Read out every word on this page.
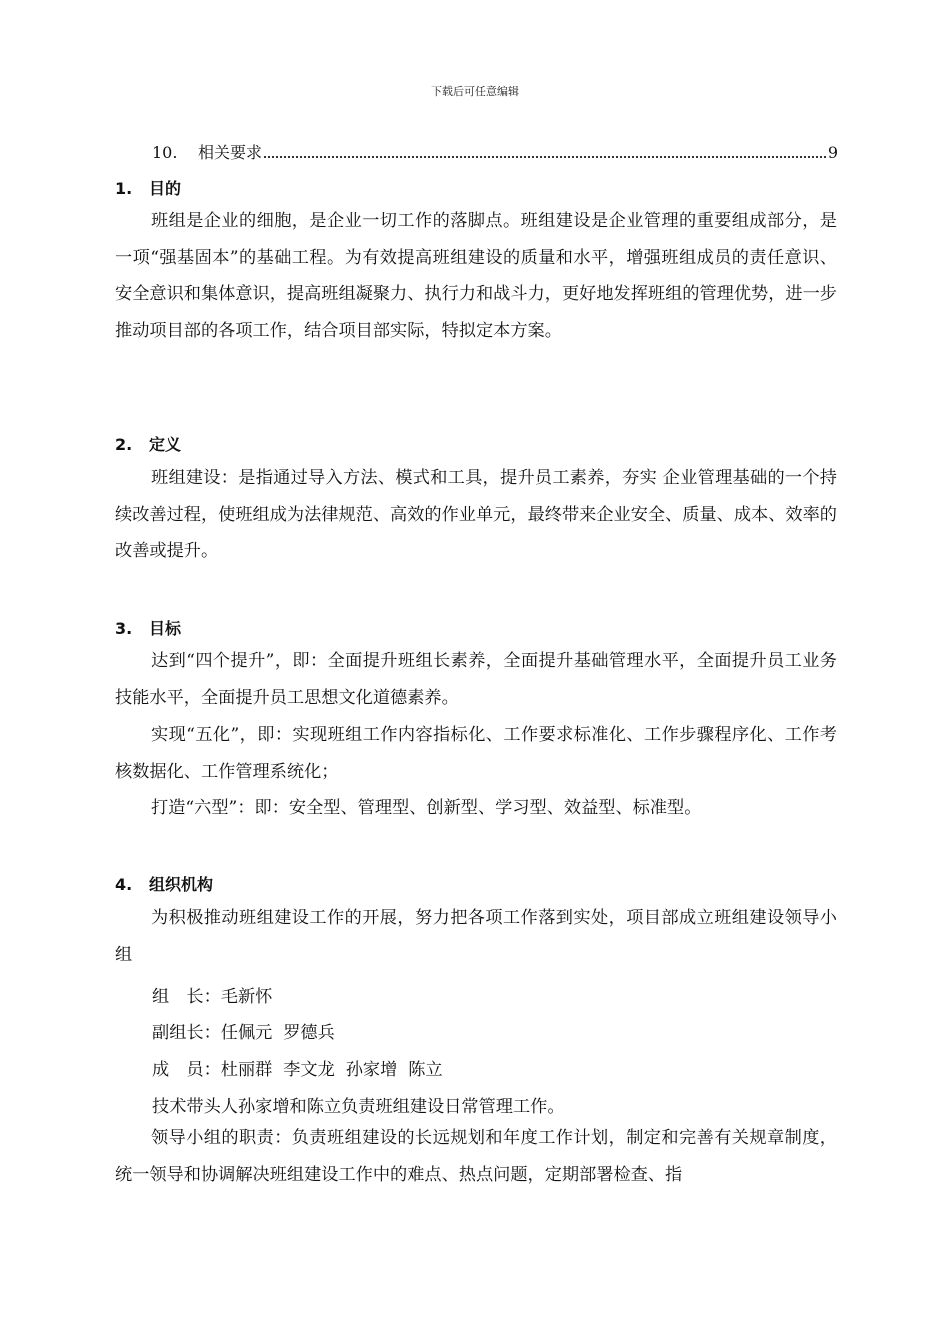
下载后可任意编辑
10.	相关要求	9
1. 目的

班组是企业的细胞，是企业一切工作的落脚点。班组建设是企业管理的重要组成部分，是一项“强基固本”的基础工程。为有效提高班组建设的质量和水平，增强班组成员的责任意识、安全意识和集体意识，提高班组凝聚力、执行力和战斗力，更好地发挥班组的管理优势，进一步推动项目部的各项工作，结合项目部实际，特拟定本方案。

2. 定义

班组建设：是指通过导入方法、模式和工具，提升员工素养，夯实 企业管理基础的一个持续改善过程，使班组成为法律规范、高效的作业单元，最终带来企业安全、质量、成本、效率的改善或提升。

3. 目标

达到“四个提升”，即：全面提升班组长素养，全面提升基础管理水平，全面提升员工业务技能水平，全面提升员工思想文化道德素养。

实现“五化”，即：实现班组工作内容指标化、工作要求标准化、工作步骤程序化、工作考核数据化、工作管理系统化；

打造“六型”：即：安全型、管理型、创新型、学习型、效益型、标准型。

4. 组织机构

为积极推动班组建设工作的开展，努力把各项工作落到实处，项目部成立班组建设领导小组

组　长：毛新怀
副组长：任佩元  罗德兵
成　员：杜丽群  李文龙  孙家增  陈立
技术带头人孙家增和陈立负责班组建设日常管理工作。

领导小组的职责：负责班组建设的长远规划和年度工作计划，制定和完善有关规章制度，统一领导和协调解决班组建设工作中的难点、热点问题，定期部署检查、指
